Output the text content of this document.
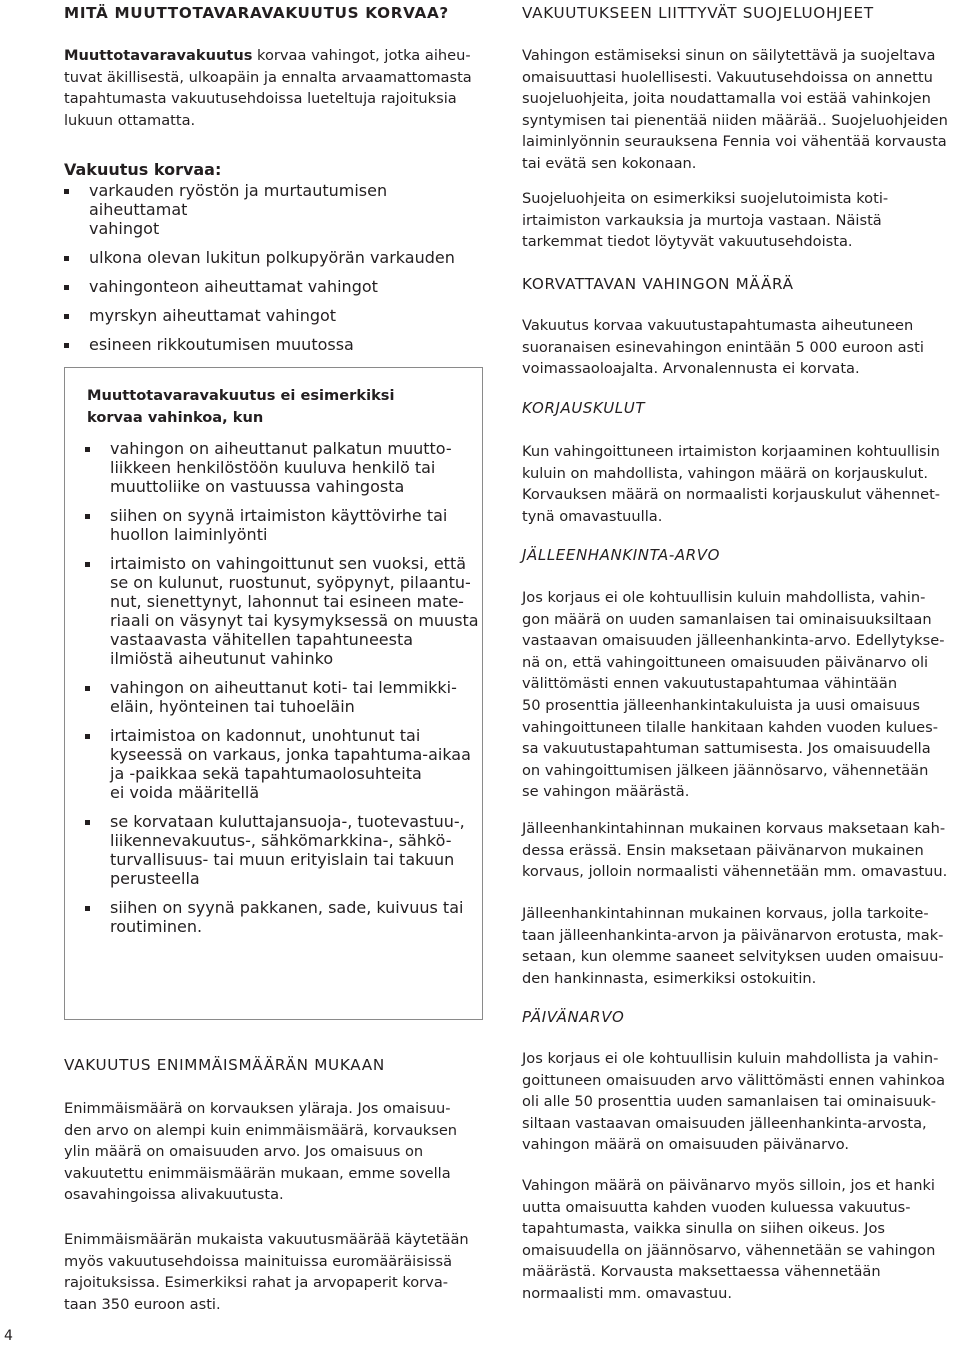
MITÄ MUUTTOTAVARAVAKUUTUS KORVAA?
Muuttotavaravakuutus korvaa vahingot, jotka aiheu-
tuvat äkillisestä, ulkoapäin ja ennalta arvaamattomasta
tapahtumasta vakuutusehdoissa lueteltuja rajoituksia
lukuun ottamatta.
Vakuutus korvaa:
varkauden ryöstön ja murtautumisen aiheuttamat
vahingot
ulkona olevan lukitun polkupyörän varkauden
vahingonteon aiheuttamat vahingot
myrskyn aiheuttamat vahingot
esineen rikkoutumisen muutossa
VAKUUTUS ENIMMÄISMÄÄRÄN MUKAAN
Enimmäismäärä on korvauksen yläraja. Jos omaisuu-
den arvo on alempi kuin enimmäismäärä, korvauksen
ylin määrä on omaisuuden arvo. Jos omaisuus on
vakuutettu enimmäismäärän mukaan, emme sovella
osavahingoissa alivakuutusta.
Enimmäismäärän mukaista vakuutusmäärää käytetään
myös vakuutusehdoissa mainituissa euromääräisissä
rajoituksissa. Esimerkiksi rahat ja arvopaperit korva-
taan 350 euroon asti.
Muuttotavaravakuutus ei esimerkiksi
korvaa vahinkoa, kun
vahingon on aiheuttanut palkatun muutto-
liikkeen henkilöstöön kuuluva henkilö tai
muuttoliike on vastuussa vahingosta
siihen on syynä irtaimiston käyttövirhe tai
huollon laiminlyönti
irtaimisto on vahingoittunut sen vuoksi, että
se on kulunut, ruostunut, syöpynyt, pilaantu-
nut, sienettynyt, lahonnut tai esineen mate-
riaali on väsynyt tai kysymyksessä on muusta
vastaavasta vähitellen tapahtuneesta
ilmiöstä aiheutunut vahinko
vahingon on aiheuttanut koti- tai lemmikki-
eläin, hyönteinen tai tuhoeläin
irtaimistoa on kadonnut, unohtunut tai
kyseessä on varkaus, jonka tapahtuma-aikaa
ja -paikkaa sekä tapahtumaolosuhteita
ei voida määritellä
se korvataan kuluttajansuoja-, tuotevastuu-,
liikennevakuutus-, sähkömarkkina-, sähkö-
turvallisuus- tai muun erityislain tai takuun
perusteella
siihen on syynä pakkanen, sade, kuivuus tai
routiminen.
VAKUUTUKSEEN LIITTYVÄT SUOJELUOHJEET
Vahingon estämiseksi sinun on säilytettävä ja suojeltava
omaisuuttasi huolellisesti. Vakuutusehdoissa on annettu
suojeluohjeita, joita noudattamalla voi estää vahinkojen
syntymisen tai pienentää niiden määrää.. Suojeluohjeiden
laiminlyönnin seurauksena Fennia voi vähentää korvausta
tai evätä sen kokonaan.
Suojeluohjeita on esimerkiksi suojelutoimista koti-
irtaimiston varkauksia ja murtoja vastaan. Näistä
tarkemmat tiedot löytyvät vakuutusehdoista.
KORVATTAVAN VAHINGON MÄÄRÄ
Vakuutus korvaa vakuutustapahtumasta aiheutuneen
suoranaisen esinevahingon enintään 5 000 euroon asti
voimassaoloajalta. Arvonalennusta ei korvata.
KORJAUSKULUT
Kun vahingoittuneen irtaimiston korjaaminen kohtuullisin
kuluin on mahdollista, vahingon määrä on korjauskulut.
Korvauksen määrä on normaalisti korjauskulut vähennet-
tynä omavastuulla.
JÄLLEENHANKINTA-ARVO
Jos korjaus ei ole kohtuullisin kuluin mahdollista, vahin-
gon määrä on uuden samanlaisen tai ominaisuuksiltaan
vastaavan omaisuuden jälleenhankinta-arvo. Edellytykse-
nä on, että vahingoittuneen omaisuuden päivänarvo oli
välittömästi ennen vakuutustapahtumaa vähintään
50 prosenttia jälleenhankintakuluista ja uusi omaisuus
vahingoittuneen tilalle hankitaan kahden vuoden kulues-
sa vakuutustapahtuman sattumisesta. Jos omaisuudella
on vahingoittumisen jälkeen jäännösarvo, vähennetään
se vahingon määrästä.
Jälleenhankintahinnan mukainen korvaus maksetaan kah-
dessa erässä. Ensin maksetaan päivänarvon mukainen
korvaus, jolloin normaalisti vähennetään mm. omavastuu.
Jälleenhankintahinnan mukainen korvaus, jolla tarkoite-
taan jälleenhankinta-arvon ja päivänarvon erotusta, mak-
setaan, kun olemme saaneet selvityksen uuden omaisuu-
den hankinnasta, esimerkiksi ostokuitin.
PÄIVÄNARVO
Jos korjaus ei ole kohtuullisin kuluin mahdollista ja vahin-
goittuneen omaisuuden arvo välittömästi ennen vahinkoa
oli alle 50 prosenttia uuden samanlaisen tai ominaisuuk-
siltaan vastaavan omaisuuden jälleenhankinta-arvosta,
vahingon määrä on omaisuuden päivänarvo.
Vahingon määrä on päivänarvo myös silloin, jos et hanki
uutta omaisuutta kahden vuoden kuluessa vakuutus-
tapahtumasta, vaikka sinulla on siihen oikeus. Jos
omaisuudella on jäännösarvo, vähennetään se vahingon
määrästä. Korvausta maksettaessa vähennetään
normaalisti mm. omavastuu.
4
